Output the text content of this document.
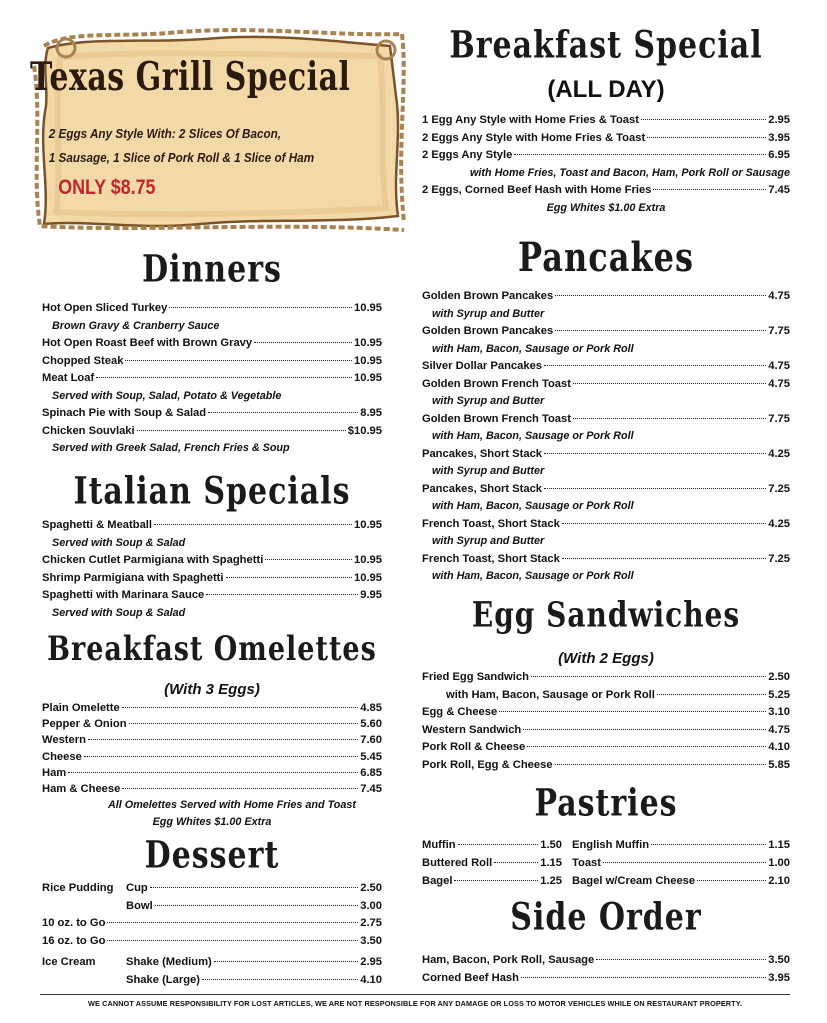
Texas Grill Special
2 Eggs Any Style With: 2 Slices Of Bacon,
1 Sausage, 1 Slice of Pork Roll & 1 Slice of Ham
ONLY $8.75
Dinners
Hot Open Sliced Turkey	10.95
Brown Gravy & Cranberry Sauce
Hot Open Roast Beef with Brown Gravy	10.95
Chopped Steak	10.95
Meat Loaf	10.95
Served with Soup, Salad, Potato & Vegetable
Spinach Pie with Soup & Salad	8.95
Chicken Souvlaki	$10.95
Served with Greek Salad, French Fries & Soup
Italian Specials
Spaghetti & Meatball	10.95
Served with Soup & Salad
Chicken Cutlet Parmigiana with Spaghetti	10.95
Shrimp Parmigiana with Spaghetti	10.95
Spaghetti with Marinara Sauce	9.95
Served with Soup & Salad
Breakfast Omelettes
(With 3 Eggs)
Plain Omelette	4.85
Pepper & Onion	5.60
Western	7.60
Cheese	5.45
Ham	6.85
Ham & Cheese	7.45
All Omelettes Served with Home Fries and Toast
Egg Whites $1.00 Extra
Dessert
Rice Pudding	Cup	2.50
Bowl	3.00
10 oz. to Go	2.75
16 oz. to Go	3.50
Ice Cream	Shake (Medium)	2.95
Shake (Large)	4.10
Breakfast Special
(ALL DAY)
1 Egg Any Style with Home Fries & Toast	2.95
2 Eggs Any Style with Home Fries & Toast	3.95
2 Eggs Any Style	6.95
with Home Fries, Toast and Bacon, Ham, Pork Roll or Sausage
2 Eggs, Corned Beef Hash with Home Fries	7.45
Egg Whites $1.00 Extra
Pancakes
Golden Brown Pancakes	4.75
with Syrup and Butter
Golden Brown Pancakes	7.75
with Ham, Bacon, Sausage or Pork Roll
Silver Dollar Pancakes	4.75
Golden Brown French Toast	4.75
with Syrup and Butter
Golden Brown French Toast	7.75
with Ham, Bacon, Sausage or Pork Roll
Pancakes, Short Stack	4.25
with Syrup and Butter
Pancakes, Short Stack	7.25
with Ham, Bacon, Sausage or Pork Roll
French Toast, Short Stack	4.25
with Syrup and Butter
French Toast, Short Stack	7.25
with Ham, Bacon, Sausage or Pork Roll
Egg Sandwiches
(With 2 Eggs)
Fried Egg Sandwich	2.50
with Ham, Bacon, Sausage or Pork Roll	5.25
Egg & Cheese	3.10
Western Sandwich	4.75
Pork Roll & Cheese	4.10
Pork Roll, Egg & Cheese	5.85
Pastries
Muffin	1.50 English Muffin	1.15
Buttered Roll	1.15 Toast	1.00
Bagel	1.25 Bagel w/Cream Cheese	2.10
Side Order
Ham, Bacon, Pork Roll, Sausage	3.50
Corned Beef Hash	3.95
WE CANNOT ASSUME RESPONSIBILITY FOR LOST ARTICLES, WE ARE NOT RESPONSIBLE FOR ANY DAMAGE OR LOSS TO MOTOR VEHICLES WHILE ON RESTAURANT PROPERTY.
